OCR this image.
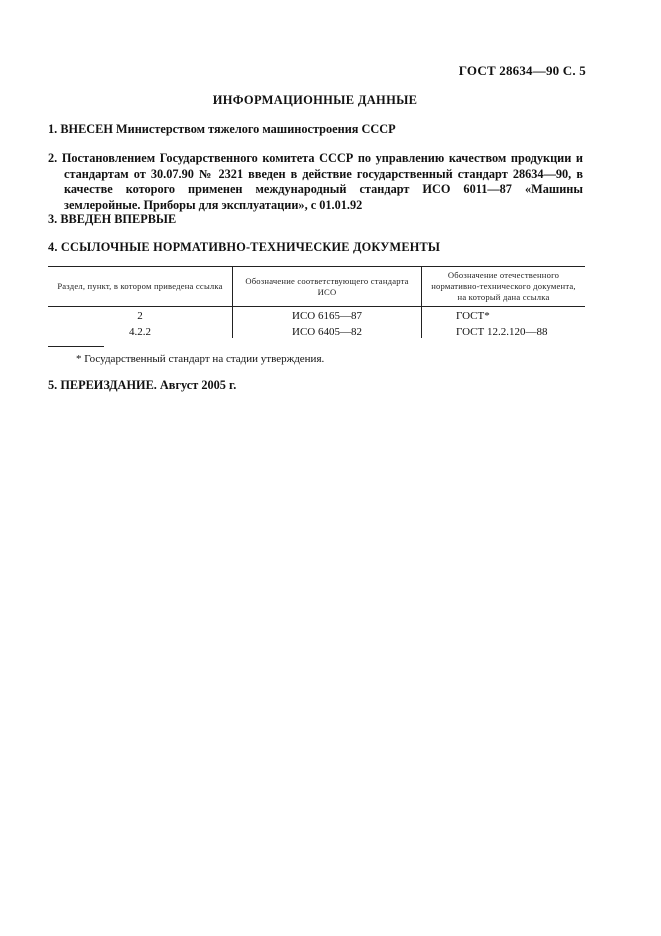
ГОСТ 28634—90 С. 5
ИНФОРМАЦИОННЫЕ ДАННЫЕ
1. ВНЕСЕН Министерством тяжелого машиностроения СССР
2. Постановлением Государственного комитета СССР по управлению качеством продукции и стандартам от 30.07.90 № 2321 введен в действие государственный стандарт 28634—90, в качестве которого применен международный стандарт ИСО 6011—87 «Машины землеройные. Приборы для эксплуатации», с 01.01.92
3. ВВЕДЕН ВПЕРВЫЕ
4. ССЫЛОЧНЫЕ НОРМАТИВНО-ТЕХНИЧЕСКИЕ ДОКУМЕНТЫ
Раздел, пункт, в котором приведена ссылка	Обозначение соответствующего стандарта ИСО	Обозначение отечественного нормативно-технического документа, на который дана ссылка
2	ИСО 6165—87	ГОСТ*
4.2.2	ИСО 6405—82	ГОСТ 12.2.120—88
* Государственный стандарт на стадии утверждения.
5. ПЕРЕИЗДАНИЕ. Август 2005 г.
